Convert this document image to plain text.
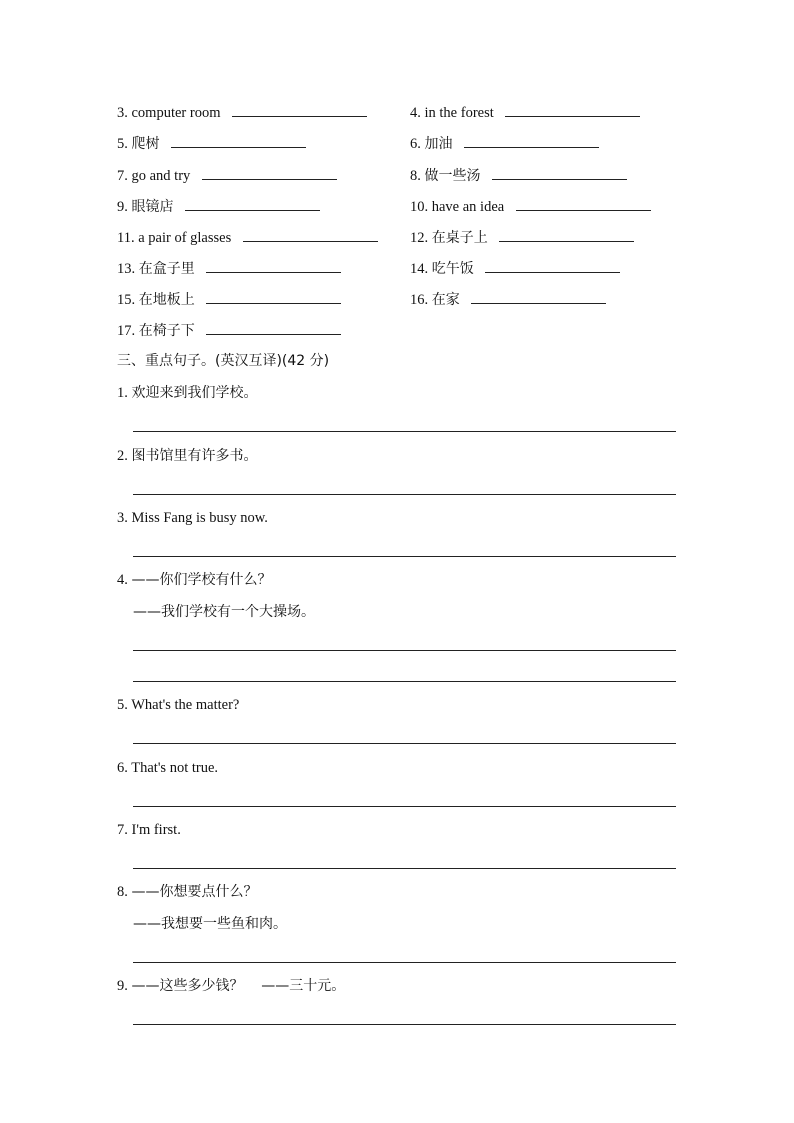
3. computer room	4. in the forest
5. 爬树	6. 加油
7. go and try	8. 做一些汤
9. 眼镜店	10. have an idea
11. a pair of glasses	12. 在桌子上
13. 在盒子里	14. 吃午饭
15. 在地板上	16. 在家
17. 在椅子下
三、重点句子。(英汉互译)(42 分)
1. 欢迎来到我们学校。
2. 图书馆里有许多书。
3. Miss Fang is busy now.
4. ——你们学校有什么？
——我们学校有一个大操场。
5. What's the matter?
6. That's not true.
7. I'm first.
8. ——你想要点什么？
——我想要一些鱼和肉。
9. ——这些多少钱？    ——三十元。
